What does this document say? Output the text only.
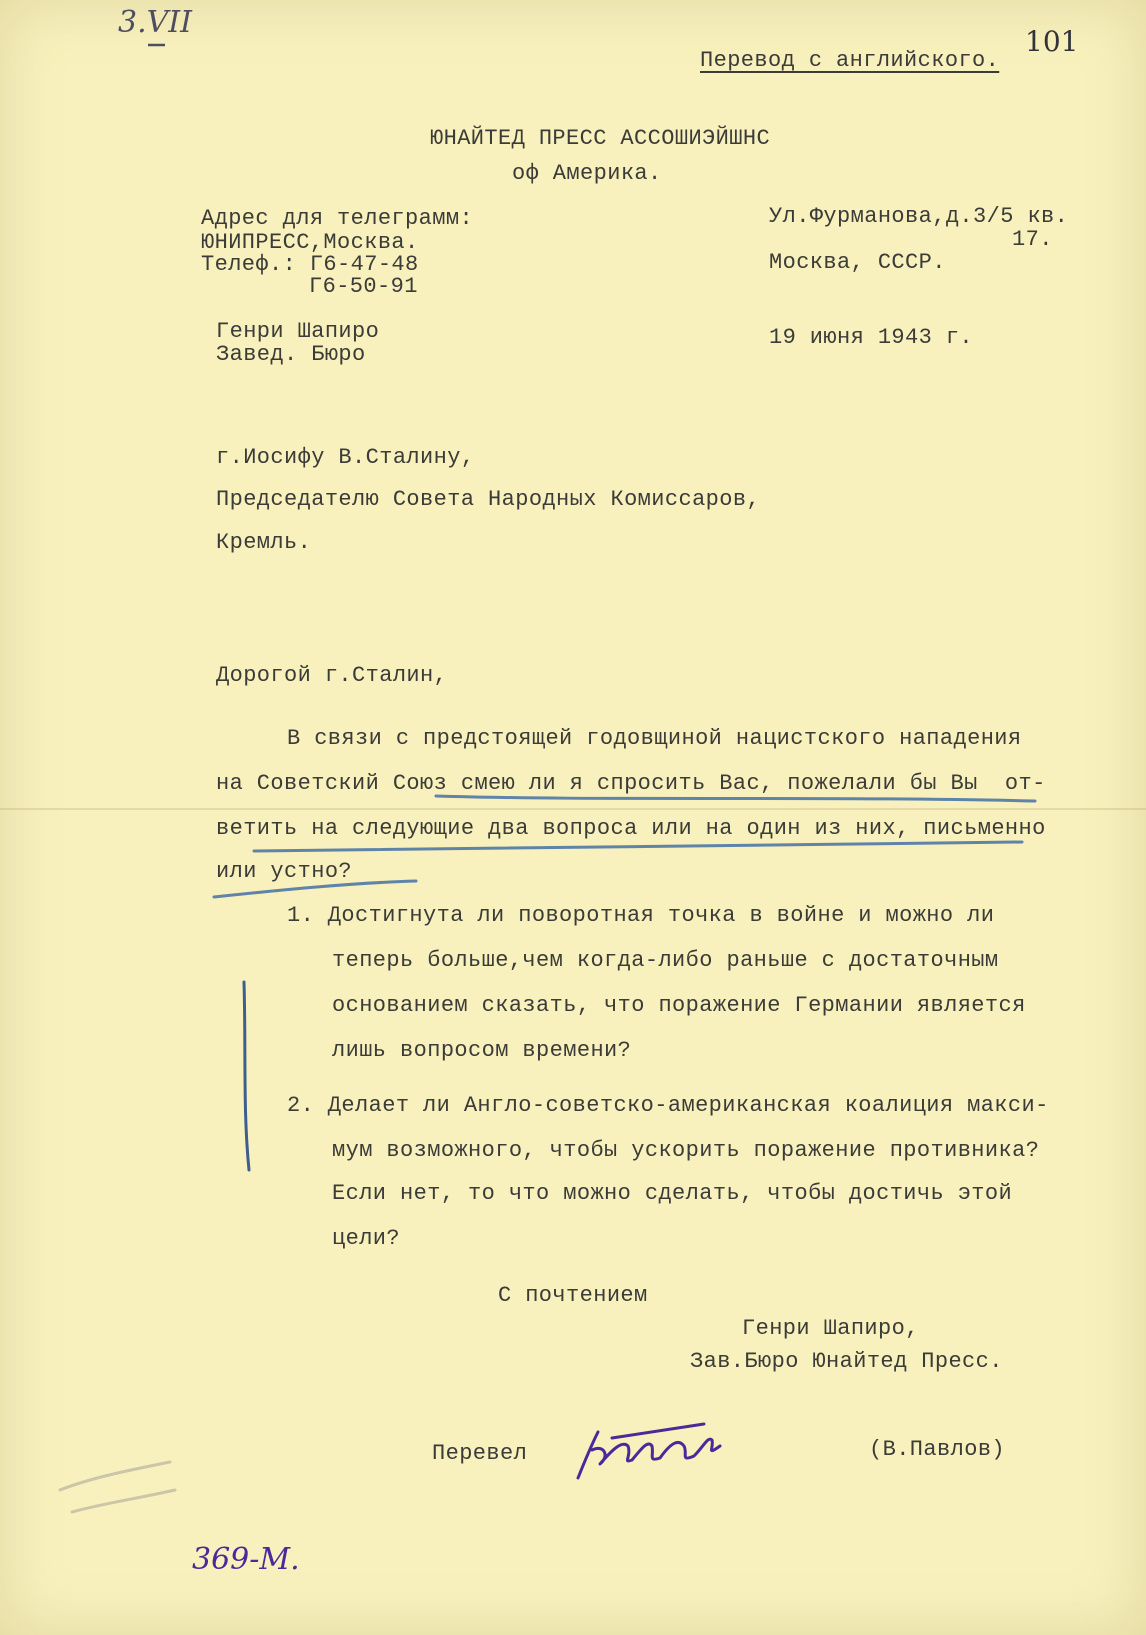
3.VII
101
Перевод с английского.
ЮНАЙТЕД ПРЕСС АССОШИЭЙШНС
оф Америка.
Адрес для телеграмм:
ЮНИПРЕСС,Москва.
Телеф.: Г6-47-48
Г6-50-91
Ул.Фурманова,д.3/5 кв.
17.
Москва, СССР.
Генри Шапиро
Завед. Бюро
19 июня 1943 г.
г.Иосифу В.Сталину,
Председателю Совета Народных Комиссаров,
Кремль.
Дорогой г.Сталин,
В связи с предстоящей годовщиной нацистского нападения
на Советский Союз смею ли я спросить Вас, пожелали бы Вы  от-
ветить на следующие два вопроса или на один из них, письменно
или устно?
1. Достигнута ли поворотная точка в войне и можно ли
теперь больше,чем когда-либо раньше с достаточным
основанием сказать, что поражение Германии является
лишь вопросом времени?
2. Делает ли Англо-советско-американская коалиция макси-
мум возможного, чтобы ускорить поражение противника?
Если нет, то что можно сделать, чтобы достичь этой
цели?
С почтением
Генри Шапиро,
Зав.Бюро Юнайтед Пресс.
Перевел	(В.Павлов)
369-М.
